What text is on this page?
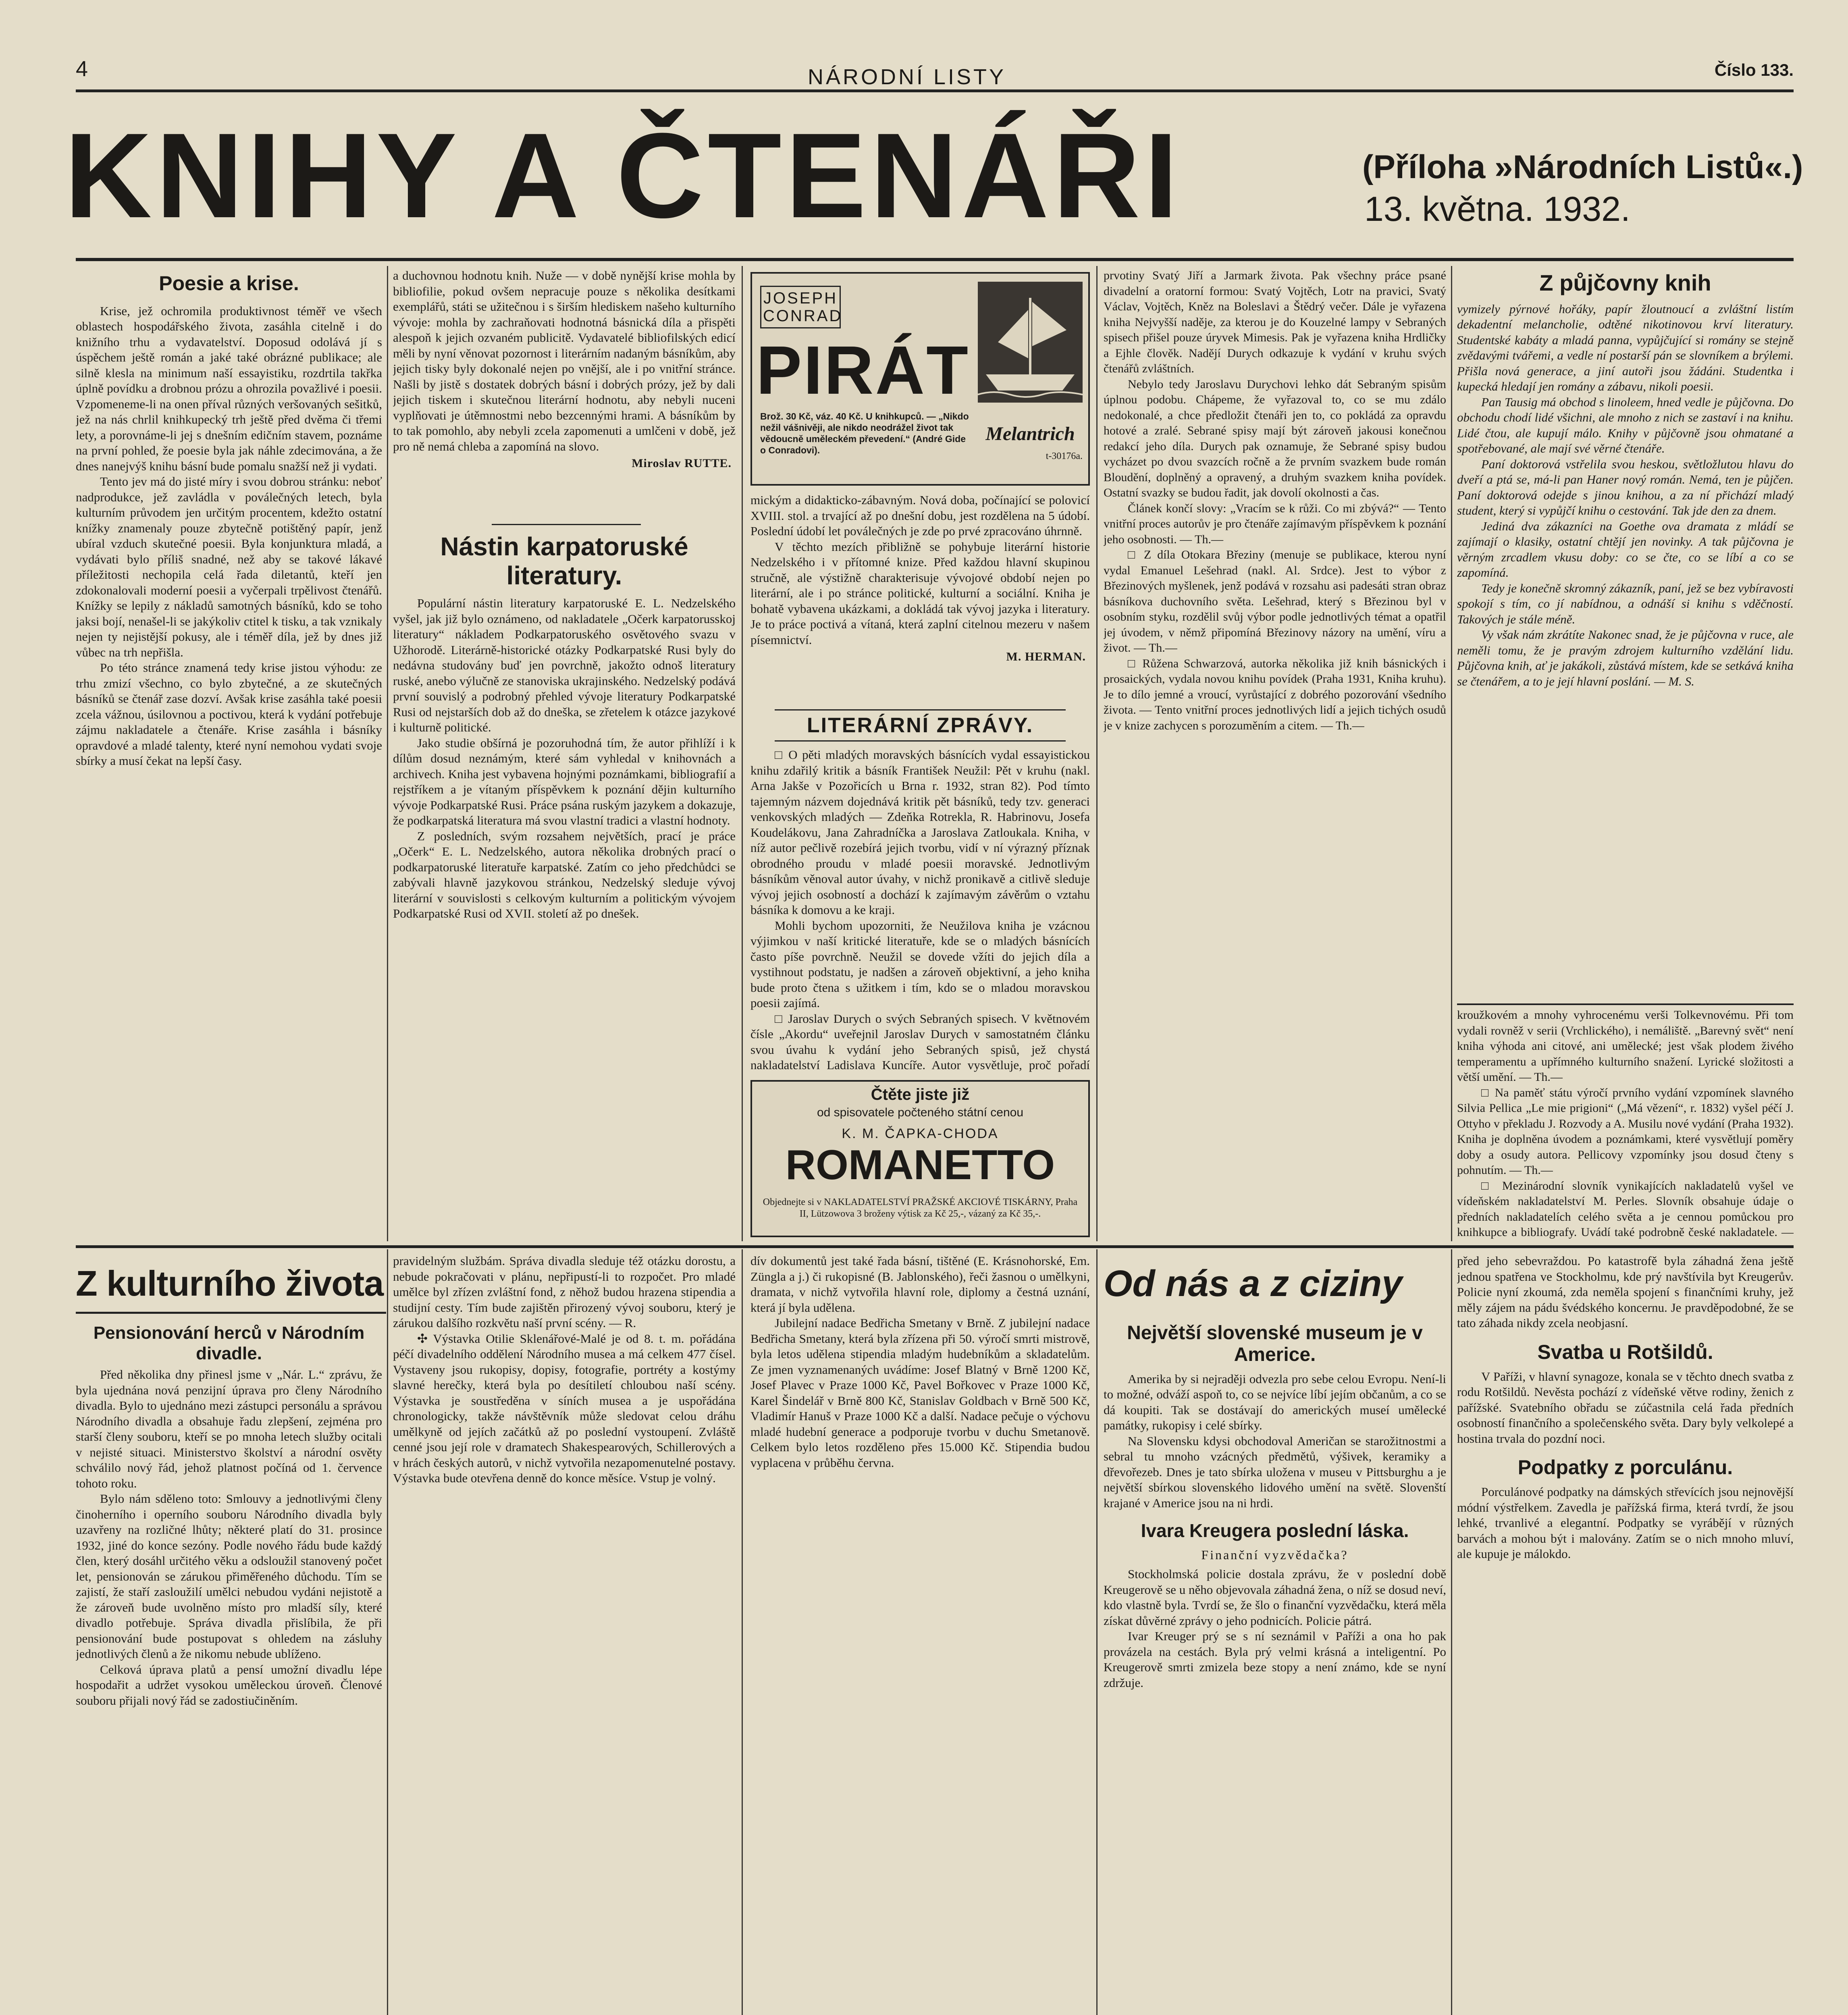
4	NÁRODNÍ LISTY	Číslo 133.
KNIHY A ČTENÁŘI	(Příloha »Národních Listů«.)
13. května. 1932.
Poesie a krise.

Krise, jež ochromila produktivnost téměř ve všech oblastech hospodářského života, zasáhla citelně i do knižního trhu a vydavatelství. Doposud odolává jí s úspěchem ještě román a jaké také obrázné publikace; ale silně klesla na minimum naší essayistiku, rozdrtila takřka úplně povídku a drobnou prózu a ohrozila považlivé i poesii. Vzpomeneme-li na onen příval různých veršovaných sešitků, jež na nás chrlil knihkupecký trh ještě před dvěma či třemi lety, a porovnáme-li jej s dnešním edičním stavem, poznáme na první pohled, že poesie byla jak náhle zdecimována, a že dnes nanejvýš knihu básní bude pomalu snažší než ji vydati.

Tento jev má do jisté míry i svou dobrou stránku: neboť nadprodukce, jež zavládla v poválečných letech, byla kulturním průvodem jen určitým procentem, kdežto ostatní knížky znamenaly pouze zbytečně potištěný papír, jenž ubíral vzduch skutečné poesii. Byla konjunktura mladá, a vydávati bylo příliš snadné, než aby se takové lákavé příležitosti nechopila celá řada diletantů, kteří jen zdokonalovali moderní poesii a vyčerpali trpělivost čtenářů. Knížky se lepily z nákladů samotných básníků, kdo se toho jaksi bojí, nenašel-li se jakýkoliv ctitel k tisku, a tak vznikaly nejen ty nejistější pokusy, ale i téměř díla, jež by dnes již vůbec na trh nepřišla.

Po této stránce znamená tedy krise jistou výhodu: ze trhu zmizí všechno, co bylo zbytečné, a ze skutečných básníků se čtenář zase dozví. Avšak krise zasáhla také poesii zcela vážnou, úsilovnou a poctivou, která k vydání potřebuje zájmu nakladatele a čtenáře. Krise zasáhla i básníky opravdové a mladé talenty, které nyní nemohou vydati svoje sbírky a musí čekat na lepší časy.

a duchovnou hodnotu knih. Nuže — v době nynější krise mohla by bibliofilie, pokud ovšem nepracuje pouze s několika desítkami exemplářů, státi se užitečnou i s širším hlediskem našeho kulturního vývoje: mohla by zachraňovati hodnotná básnická díla a přispěti alespoň k jejich ozvaném publicitě. Vydavatelé bibliofilských edicí měli by nyní věnovat pozornost i literárním nadaným básníkům, aby jejich tisky byly dokonalé nejen po vnější, ale i po vnitřní stránce. Našli by jistě s dostatek dobrých básní i dobrých prózy, jež by dali jejich tiskem i skutečnou literární hodnotu, aby nebyli nuceni vyplňovati je útěmnostmi nebo bezcennými hrami. A básníkům by to tak pomohlo, aby nebyli zcela zapomenuti a umlčeni v době, jež pro ně nemá chleba a zapomíná na slovo.

Miroslav RUTTE.
Nástin karpatoruské literatury.

Populární nástin literatury karpatoruské E. L. Nedzelského vyšel, jak již bylo oznámeno, od nakladatele „Očerk karpatorusskoj literatury“ nákladem Podkarpatoruského osvětového svazu v Užhorodě. Literárně-historické otázky Podkarpatské Rusi byly do nedávna studovány buď jen povrchně, jakožto odnoš literatury ruské, anebo výlučně ze stanoviska ukrajinského. Nedzelský podává první souvislý a podrobný přehled vývoje literatury Podkarpatské Rusi od nejstarších dob až do dneška, se zřetelem k otázce jazykové i kulturně politické.

Jako studie obšírná je pozoruhodná tím, že autor přihlíží i k dílům dosud neznámým, které sám vyhledal v knihovnách a archivech. Kniha jest vybavena hojnými poznámkami, bibliografií a rejstříkem a je vítaným příspěvkem k poznání dějin kulturního vývoje Podkarpatské Rusi. Práce psána ruským jazykem a dokazuje, že podkarpatská literatura má svou vlastní tradici a vlastní hodnoty.

Z posledních, svým rozsahem největších, prací je práce „Očerk“ E. L. Nedzelského, autora několika drobných prací o podkarpatoruské literatuře karpatské. Zatím co jeho předchůdci se zabývali hlavně jazykovou stránkou, Nedzelský sleduje vývoj literární v souvislosti s celkovým kulturním a politickým vývojem Podkarpatské Rusi od XVII. století až po dnešek.

JOSEPH CONRAD
PIRÁT
Brož. 30 Kč, váz. 40 Kč. U knihkupců. — „Nikdo nežil vášnivěji, ale nikdo neodrážel život tak vědoucně uměleckém převedení.“ (André Gide o Conradovi).
Melantrich
t-30176a.

mickým a didakticko-zábavným. Nová doba, počínající se polovicí XVIII. stol. a trvající až po dnešní dobu, jest rozdělena na 5 údobí. Poslední údobí let poválečných je zde po prvé zpracováno úhrnně.

V těchto mezích přibližně se pohybuje literární historie Nedzelského i v přítomné knize. Před každou hlavní skupinou stručně, ale výstižně charakterisuje vývojové období nejen po literární, ale i po stránce politické, kulturní a sociální. Kniha je bohatě vybavena ukázkami, a dokládá tak vývoj jazyka i literatury. Je to práce poctivá a vítaná, která zaplní citelnou mezeru v našem písemnictví.

M. HERMAN.
LITERÁRNÍ ZPRÁVY.

□ O pěti mladých moravských básnících vydal essayistickou knihu zdařilý kritik a básník František Neužil: Pět v kruhu (nakl. Arna Jakše v Pozořicích u Brna r. 1932, stran 82). Pod tímto tajemným názvem dojednává kritik pět básníků, tedy tzv. generaci venkovských mladých — Zdeňka Rotrekla, R. Habrinovu, Josefa Koudelákovu, Jana Zahradníčka a Jaroslava Zatloukala. Kniha, v níž autor pečlivě rozebírá jejich tvorbu, vidí v ní výrazný příznak obrodného proudu v mladé poesii moravské. Jednotlivým básníkům věnoval autor úvahy, v nichž pronikavě a citlivě sleduje vývoj jejich osobností a dochází k zajímavým závěrům o vztahu básníka k domovu a ke kraji.

Mohli bychom upozorniti, že Neužilova kniha je vzácnou výjimkou v naší kritické literatuře, kde se o mladých básnících často píše povrchně. Neužil se dovede vžíti do jejich díla a vystihnout podstatu, je nadšen a zároveň objektivní, a jeho kniha bude proto čtena s užitkem i tím, kdo se o mladou moravskou poesii zajímá.

□ Jaroslav Durych o svých Sebraných spisech. V květnovém čísle „Akordu“ uveřejnil Jaroslav Durych v samostatném článku svou úvahu k vydání jeho Sebraných spisů, jež chystá nakladatelství Ladislava Kuncíře. Autor vysvětluje, proč pořadí

Čtěte jiste již
od spisovatele počteného státní cenou
K. M. ČAPKA-CHODA
ROMANETTO
Objednejte si v NAKLADATELSTVÍ PRAŽSKÉ AKCIOVÉ TISKÁRNY, Praha II, Lützowova 3 broženy výtisk za Kč 25,-, vázaný za Kč 35,-.

prvotiny Svatý Jiří a Jarmark života. Pak všechny práce psané divadelní a oratorní formou: Svatý Vojtěch, Lotr na pravici, Svatý Václav, Vojtěch, Kněz na Boleslavi a Štědrý večer. Dále je vyřazena kniha Nejvyšší naděje, za kterou je do Kouzelné lampy v Sebraných spisech přišel pouze úryvek Mimesis. Pak je vyřazena kniha Hrdličky a Ejhle člověk. Nadějí Durych odkazuje k vydání v kruhu svých čtenářů zvláštních.

Nebylo tedy Jaroslavu Durychovi lehko dát Sebraným spisům úplnou podobu. Chápeme, že vyřazoval to, co se mu zdálo nedokonalé, a chce předložit čtenáři jen to, co pokládá za opravdu hotové a zralé. Sebrané spisy mají být zároveň jakousi konečnou redakcí jeho díla. Durych pak oznamuje, že Sebrané spisy budou vycházet po dvou svazcích ročně a že prvním svazkem bude román Bloudění, doplněný a opravený, a druhým svazkem kniha povídek. Ostatní svazky se budou řadit, jak dovolí okolnosti a čas.

Článek končí slovy: „Vracím se k růži. Co mi zbývá?“ — Tento vnitřní proces autorův je pro čtenáře zajímavým příspěvkem k poznání jeho osobnosti. — Th.—

□ Z díla Otokara Březiny (menuje se publikace, kterou nyní vydal Emanuel Lešehrad (nakl. Al. Srdce). Jest to výbor z Březinových myšlenek, jenž podává v rozsahu asi padesáti stran obraz básníkova duchovního světa. Lešehrad, který s Březinou byl v osobním styku, rozdělil svůj výbor podle jednotlivých témat a opatřil jej úvodem, v němž připomíná Březinovy názory na umění, víru a život. — Th.—

□ Růžena Schwarzová, autorka několika již knih básnických i prosaických, vydala novou knihu povídek (Praha 1931, Kniha kruhu). Je to dílo jemné a vroucí, vyrůstající z dobrého pozorování všedního života. — Tento vnitřní proces jednotlivých lidí a jejich tichých osudů je v knize zachycen s porozuměním a citem. — Th.—

Z půjčovny knih

vymizely pýrnové hořáky, papír žloutnoucí a zvláštní listím dekadentní melancholie, odtěné nikotinovou krví literatury. Studentské kabáty a mladá panna, vypůjčující si romány se stejně zvědavými tvářemi, a vedle ní postarší pán se slovníkem a brýlemi. Přišla nová generace, a jiní autoři jsou žádáni. Studentka i kupecká hledají jen romány a zábavu, nikoli poesii.

Pan Tausig má obchod s linoleem, hned vedle je půjčovna. Do obchodu chodí lidé všichni, ale mnoho z nich se zastaví i na knihu. Lidé čtou, ale kupují málo. Knihy v půjčovně jsou ohmatané a spotřebované, ale mají své věrné čtenáře.

Paní doktorová vstřelila svou heskou, světložlutou hlavu do dveří a ptá se, má-li pan Haner nový román. Nemá, ten je půjčen. Paní doktorová odejde s jinou knihou, a za ní přichází mladý student, který si vypůjčí knihu o cestování. Tak jde den za dnem.

Jediná dva zákazníci na Goethe ova dramata z mládí se zajímají o klasiky, ostatní chtějí jen novinky. A tak půjčovna je věrným zrcadlem vkusu doby: co se čte, co se líbí a co se zapomíná.

Tedy je konečně skromný zákazník, paní, jež se bez vybíravosti spokojí s tím, co jí nabídnou, a odnáší si knihu s vděčností. Takových je stále méně.

Vy však nám zkrátíte Nakonec snad, že je půjčovna v ruce, ale neměli tomu, že je pravým zdrojem kulturního vzdělání lidu. Půjčovna knih, ať je jakákoli, zůstává místem, kde se setkává kniha se čtenářem, a to je její hlavní poslání. — M. S.

kroužkovém a mnohy vyhrocenému verši Tolkevnovému. Při tom vydali rovněž v serii (Vrchlického), i nemáliště. „Barevný svět“ není kniha výhoda ani citové, ani umělecké; jest však plodem živého temperamentu a upřímného kulturního snažení. Lyrické složitosti a větší umění. — Th.—

□ Na paměť státu výročí prvního vydání vzpomínek slavného Silvia Pellica „Le mie prigioni“ („Má vězení“, r. 1832) vyšel péčí J. Ottyho v překladu J. Rozvody a A. Musilu nové vydání (Praha 1932). Kniha je doplněna úvodem a poznámkami, které vysvětlují poměry doby a osudy autora. Pellicovy vzpomínky jsou dosud čteny s pohnutím. — Th.—

□ Mezinárodní slovník vynikajících nakladatelů vyšel ve vídeňském nakladatelství M. Perles. Slovník obsahuje údaje o předních nakladatelích celého světa a je cennou pomůckou pro knihkupce a bibliografy. Uvádí také podrobně české nakladatele. —

Z kulturního života
Pensionování herců v Národním divadle.

Před několika dny přinesl jsme v „Nár. L.“ zprávu, že byla ujednána nová penzijní úprava pro členy Národního divadla. Bylo to ujednáno mezi zástupci personálu a správou Národního divadla a obsahuje řadu zlepšení, zejména pro starší členy souboru, kteří se po mnoha letech služby ocitali v nejisté situaci. Ministerstvo školství a národní osvěty schválilo nový řád, jehož platnost počíná od 1. července tohoto roku.

Bylo nám sděleno toto: Smlouvy a jednotlivými členy činoherního i operního souboru Národního divadla byly uzavřeny na rozličné lhůty; některé platí do 31. prosince 1932, jiné do konce sezóny. Podle nového řádu bude každý člen, který dosáhl určitého věku a odsloužil stanovený počet let, pensionován se zárukou přiměřeného důchodu. Tím se zajistí, že staří zasloužilí umělci nebudou vydáni nejistotě a že zároveň bude uvolněno místo pro mladší síly, které divadlo potřebuje. Správa divadla přislíbila, že při pensionování bude postupovat s ohledem na zásluhy jednotlivých členů a že nikomu nebude ublíženo.

Celková úprava platů a pensí umožní divadlu lépe hospodařit a udržet vysokou uměleckou úroveň. Členové souboru přijali nový řád se zadostiučiněním.

pravidelným službám. Správa divadla sleduje též otázku dorostu, a nebude pokračovati v plánu, nepřipustí-li to rozpočet. Pro mladé umělce byl zřízen zvláštní fond, z něhož budou hrazena stipendia a studijní cesty. Tím bude zajištěn přirozený vývoj souboru, který je zárukou dalšího rozkvětu naší první scény. — R.

✣ Výstavka Otilie Sklenářové-Malé je od 8. t. m. pořádána péčí divadelního oddělení Národního musea a má celkem 477 čísel. Vystaveny jsou rukopisy, dopisy, fotografie, portréty a kostýmy slavné herečky, která byla po desítiletí chloubou naší scény. Výstavka je soustředěna v síních musea a je uspořádána chronologicky, takže návštěvník může sledovat celou dráhu umělkyně od jejích začátků až po poslední vystoupení. Zvláště cenné jsou její role v dramatech Shakespearových, Schillerových a v hrách českých autorů, v nichž vytvořila nezapomenutelné postavy. Výstavka bude otevřena denně do konce měsíce. Vstup je volný.

dív dokumentů jest také řada básní, tištěné (E. Krásnohorské, Em. Züngla a j.) či rukopisné (B. Jablonského), řeči žasnou o umělkyni, dramata, v nichž vytvořila hlavní role, diplomy a čestná uznání, která jí byla udělena.

Jubilejní nadace Bedřicha Smetany v Brně. Z jubilejní nadace Bedřicha Smetany, která byla zřízena při 50. výročí smrti mistrově, byla letos udělena stipendia mladým hudebníkům a skladatelům. Ze jmen vyznamenaných uvádíme: Josef Blatný v Brně 1200 Kč, Josef Plavec v Praze 1000 Kč, Pavel Bořkovec v Praze 1000 Kč, Karel Šindelář v Brně 800 Kč, Stanislav Goldbach v Brně 500 Kč, Vladimír Hanuš v Praze 1000 Kč a další. Nadace pečuje o výchovu mladé hudební generace a podporuje tvorbu v duchu Smetanově. Celkem bylo letos rozděleno přes 15.000 Kč. Stipendia budou vyplacena v průběhu června.

Od nás a z ciziny
Největší slovenské museum je v Americe.

Amerika by si nejraději odvezla pro sebe celou Evropu. Není-li to možné, odváží aspoň to, co se nejvíce líbí jejím občanům, a co se dá koupiti. Tak se dostávají do amerických museí umělecké památky, rukopisy i celé sbírky.

Na Slovensku kdysi obchodoval Američan se starožitnostmi a sebral tu mnoho vzácných předmětů, výšivek, keramiky a dřevořezeb. Dnes je tato sbírka uložena v museu v Pittsburghu a je největší sbírkou slovenského lidového umění na světě. Slovenští krajané v Americe jsou na ni hrdi.

Ivara Kreugera poslední láska.
Finanční vyzvědačka?

Stockholmská policie dostala zprávu, že v poslední době Kreugerově se u něho objevovala záhadná žena, o níž se dosud neví, kdo vlastně byla. Tvrdí se, že šlo o finanční vyzvědačku, která měla získat důvěrné zprávy o jeho podnicích. Policie pátrá.

Ivar Kreuger prý se s ní seznámil v Paříži a ona ho pak provázela na cestách. Byla prý velmi krásná a inteligentní. Po Kreugerově smrti zmizela beze stopy a není známo, kde se nyní zdržuje.

před jeho sebevraždou. Po katastrofě byla záhadná žena ještě jednou spatřena ve Stockholmu, kde prý navštívila byt Kreugerův. Policie nyní zkoumá, zda neměla spojení s finančními kruhy, jež měly zájem na pádu švédského koncernu. Je pravděpodobné, že se tato záhada nikdy zcela neobjasní.

Svatba u Rotšildů.

V Paříži, v hlavní synagoze, konala se v těchto dnech svatba z rodu Rotšildů. Nevěsta pochází z vídeňské větve rodiny, ženich z pařížské. Svatebního obřadu se zúčastnila celá řada předních osobností finančního a společenského světa. Dary byly velkolepé a hostina trvala do pozdní noci.

Podpatky z porculánu.

Porculánové podpatky na dámských střevících jsou nejnovější módní výstřelkem. Zavedla je pařížská firma, která tvrdí, že jsou lehké, trvanlivé a elegantní. Podpatky se vyrábějí v různých barvách a mohou být i malovány. Zatím se o nich mnoho mluví, ale kupuje je málokdo.
